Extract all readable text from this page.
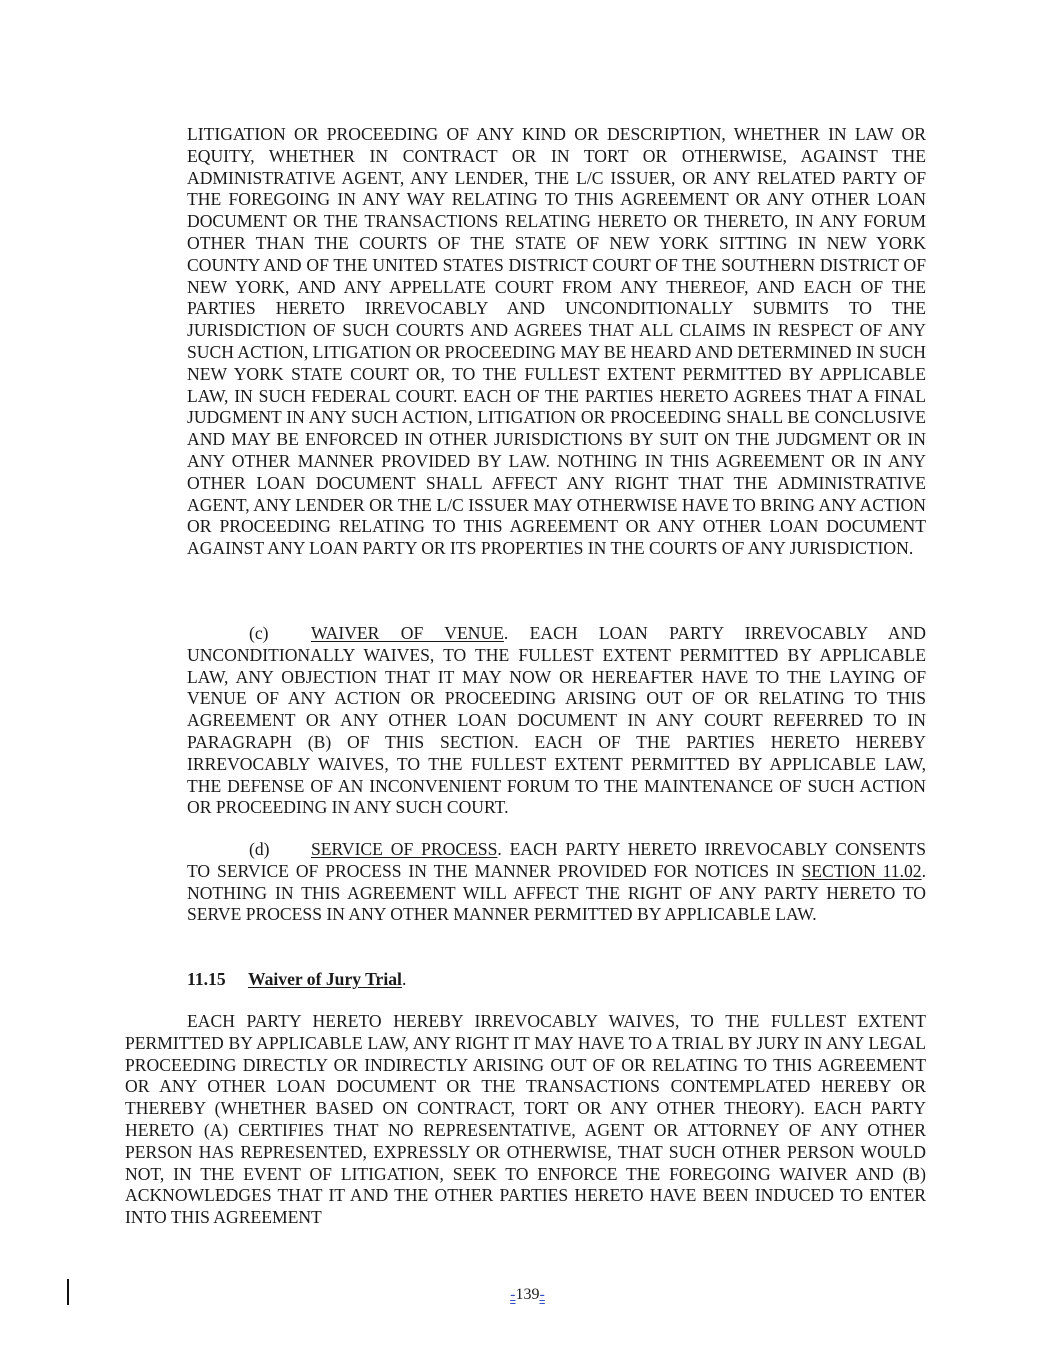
LITIGATION OR PROCEEDING OF ANY KIND OR DESCRIPTION, WHETHER IN LAW OR EQUITY, WHETHER IN CONTRACT OR IN TORT OR OTHERWISE, AGAINST THE ADMINISTRATIVE AGENT, ANY LENDER, THE L/C ISSUER, OR ANY RELATED PARTY OF THE FOREGOING IN ANY WAY RELATING TO THIS AGREEMENT OR ANY OTHER LOAN DOCUMENT OR THE TRANSACTIONS RELATING HERETO OR THERETO, IN ANY FORUM OTHER THAN THE COURTS OF THE STATE OF NEW YORK SITTING IN NEW YORK COUNTY AND OF THE UNITED STATES DISTRICT COURT OF THE SOUTHERN DISTRICT OF NEW YORK, AND ANY APPELLATE COURT FROM ANY THEREOF, AND EACH OF THE PARTIES HERETO IRREVOCABLY AND UNCONDITIONALLY SUBMITS TO THE JURISDICTION OF SUCH COURTS AND AGREES THAT ALL CLAIMS IN RESPECT OF ANY SUCH ACTION, LITIGATION OR PROCEEDING MAY BE HEARD AND DETERMINED IN SUCH NEW YORK STATE COURT OR, TO THE FULLEST EXTENT PERMITTED BY APPLICABLE LAW, IN SUCH FEDERAL COURT. EACH OF THE PARTIES HERETO AGREES THAT A FINAL JUDGMENT IN ANY SUCH ACTION, LITIGATION OR PROCEEDING SHALL BE CONCLUSIVE AND MAY BE ENFORCED IN OTHER JURISDICTIONS BY SUIT ON THE JUDGMENT OR IN ANY OTHER MANNER PROVIDED BY LAW. NOTHING IN THIS AGREEMENT OR IN ANY OTHER LOAN DOCUMENT SHALL AFFECT ANY RIGHT THAT THE ADMINISTRATIVE AGENT, ANY LENDER OR THE L/C ISSUER MAY OTHERWISE HAVE TO BRING ANY ACTION OR PROCEEDING RELATING TO THIS AGREEMENT OR ANY OTHER LOAN DOCUMENT AGAINST ANY LOAN PARTY OR ITS PROPERTIES IN THE COURTS OF ANY JURISDICTION.
(c) WAIVER OF VENUE. EACH LOAN PARTY IRREVOCABLY AND UNCONDITIONALLY WAIVES, TO THE FULLEST EXTENT PERMITTED BY APPLICABLE LAW, ANY OBJECTION THAT IT MAY NOW OR HEREAFTER HAVE TO THE LAYING OF VENUE OF ANY ACTION OR PROCEEDING ARISING OUT OF OR RELATING TO THIS AGREEMENT OR ANY OTHER LOAN DOCUMENT IN ANY COURT REFERRED TO IN PARAGRAPH (B) OF THIS SECTION. EACH OF THE PARTIES HERETO HEREBY IRREVOCABLY WAIVES, TO THE FULLEST EXTENT PERMITTED BY APPLICABLE LAW, THE DEFENSE OF AN INCONVENIENT FORUM TO THE MAINTENANCE OF SUCH ACTION OR PROCEEDING IN ANY SUCH COURT.
(d) SERVICE OF PROCESS. EACH PARTY HERETO IRREVOCABLY CONSENTS TO SERVICE OF PROCESS IN THE MANNER PROVIDED FOR NOTICES IN SECTION 11.02. NOTHING IN THIS AGREEMENT WILL AFFECT THE RIGHT OF ANY PARTY HERETO TO SERVE PROCESS IN ANY OTHER MANNER PERMITTED BY APPLICABLE LAW.
11.15 Waiver of Jury Trial.
EACH PARTY HERETO HEREBY IRREVOCABLY WAIVES, TO THE FULLEST EXTENT PERMITTED BY APPLICABLE LAW, ANY RIGHT IT MAY HAVE TO A TRIAL BY JURY IN ANY LEGAL PROCEEDING DIRECTLY OR INDIRECTLY ARISING OUT OF OR RELATING TO THIS AGREEMENT OR ANY OTHER LOAN DOCUMENT OR THE TRANSACTIONS CONTEMPLATED HEREBY OR THEREBY (WHETHER BASED ON CONTRACT, TORT OR ANY OTHER THEORY). EACH PARTY HERETO (A) CERTIFIES THAT NO REPRESENTATIVE, AGENT OR ATTORNEY OF ANY OTHER PERSON HAS REPRESENTED, EXPRESSLY OR OTHERWISE, THAT SUCH OTHER PERSON WOULD NOT, IN THE EVENT OF LITIGATION, SEEK TO ENFORCE THE FOREGOING WAIVER AND (B) ACKNOWLEDGES THAT IT AND THE OTHER PARTIES HERETO HAVE BEEN INDUCED TO ENTER INTO THIS AGREEMENT
-139-
